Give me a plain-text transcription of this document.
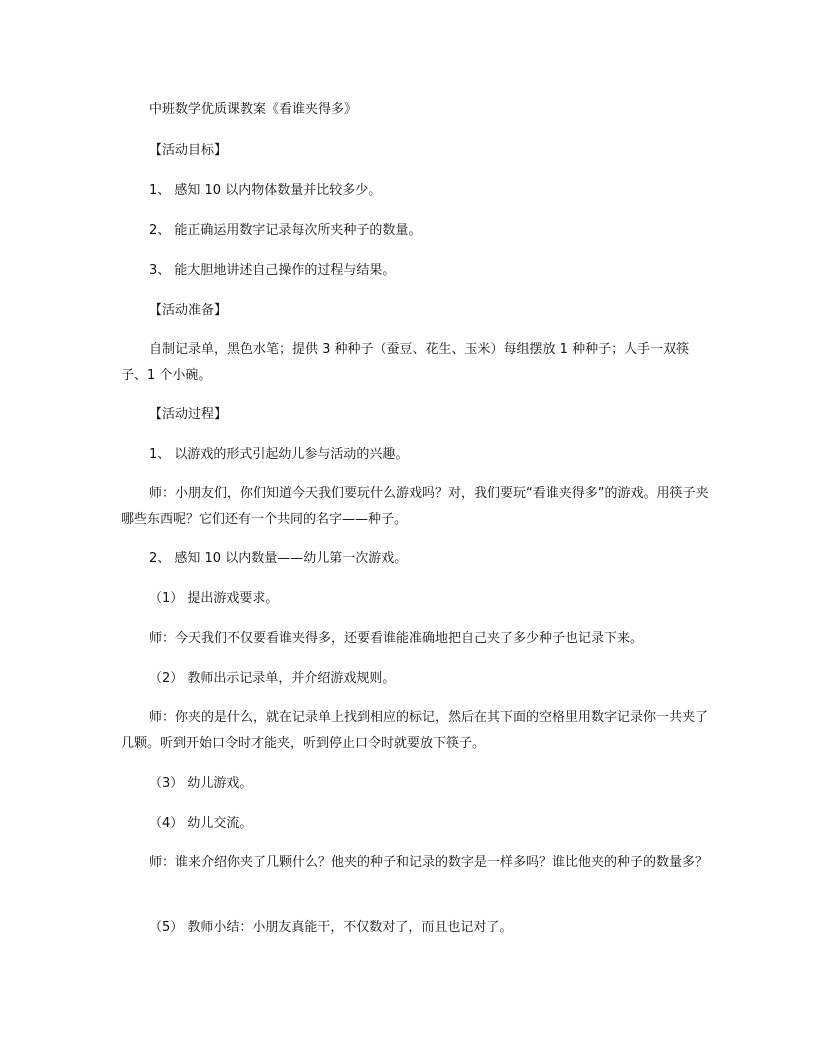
中班数学优质课教案《看谁夹得多》
【活动目标】
1、 感知 10 以内物体数量并比较多少。
2、 能正确运用数字记录每次所夹种子的数量。
3、 能大胆地讲述自己操作的过程与结果。
【活动准备】
自制记录单，黑色水笔；提供 3 种种子（蚕豆、花生、玉米）每组摆放 1 种种子；人手一双筷子、1 个小碗。
【活动过程】
1、 以游戏的形式引起幼儿参与活动的兴趣。
师：小朋友们，你们知道今天我们要玩什么游戏吗？对，我们要玩“看谁夹得多”的游戏。用筷子夹哪些东西呢？它们还有一个共同的名字——种子。
2、 感知 10 以内数量——幼儿第一次游戏。
（1） 提出游戏要求。
师：今天我们不仅要看谁夹得多，还要看谁能准确地把自己夹了多少种子也记录下来。
（2） 教师出示记录单，并介绍游戏规则。
师：你夹的是什么，就在记录单上找到相应的标记，然后在其下面的空格里用数字记录你一共夹了几颗。听到开始口令时才能夹，听到停止口令时就要放下筷子。
（3） 幼儿游戏。
（4） 幼儿交流。
师：谁来介绍你夹了几颗什么？他夹的种子和记录的数字是一样多吗？谁比他夹的种子的数量多？
（5） 教师小结：小朋友真能干，不仅数对了，而且也记对了。
